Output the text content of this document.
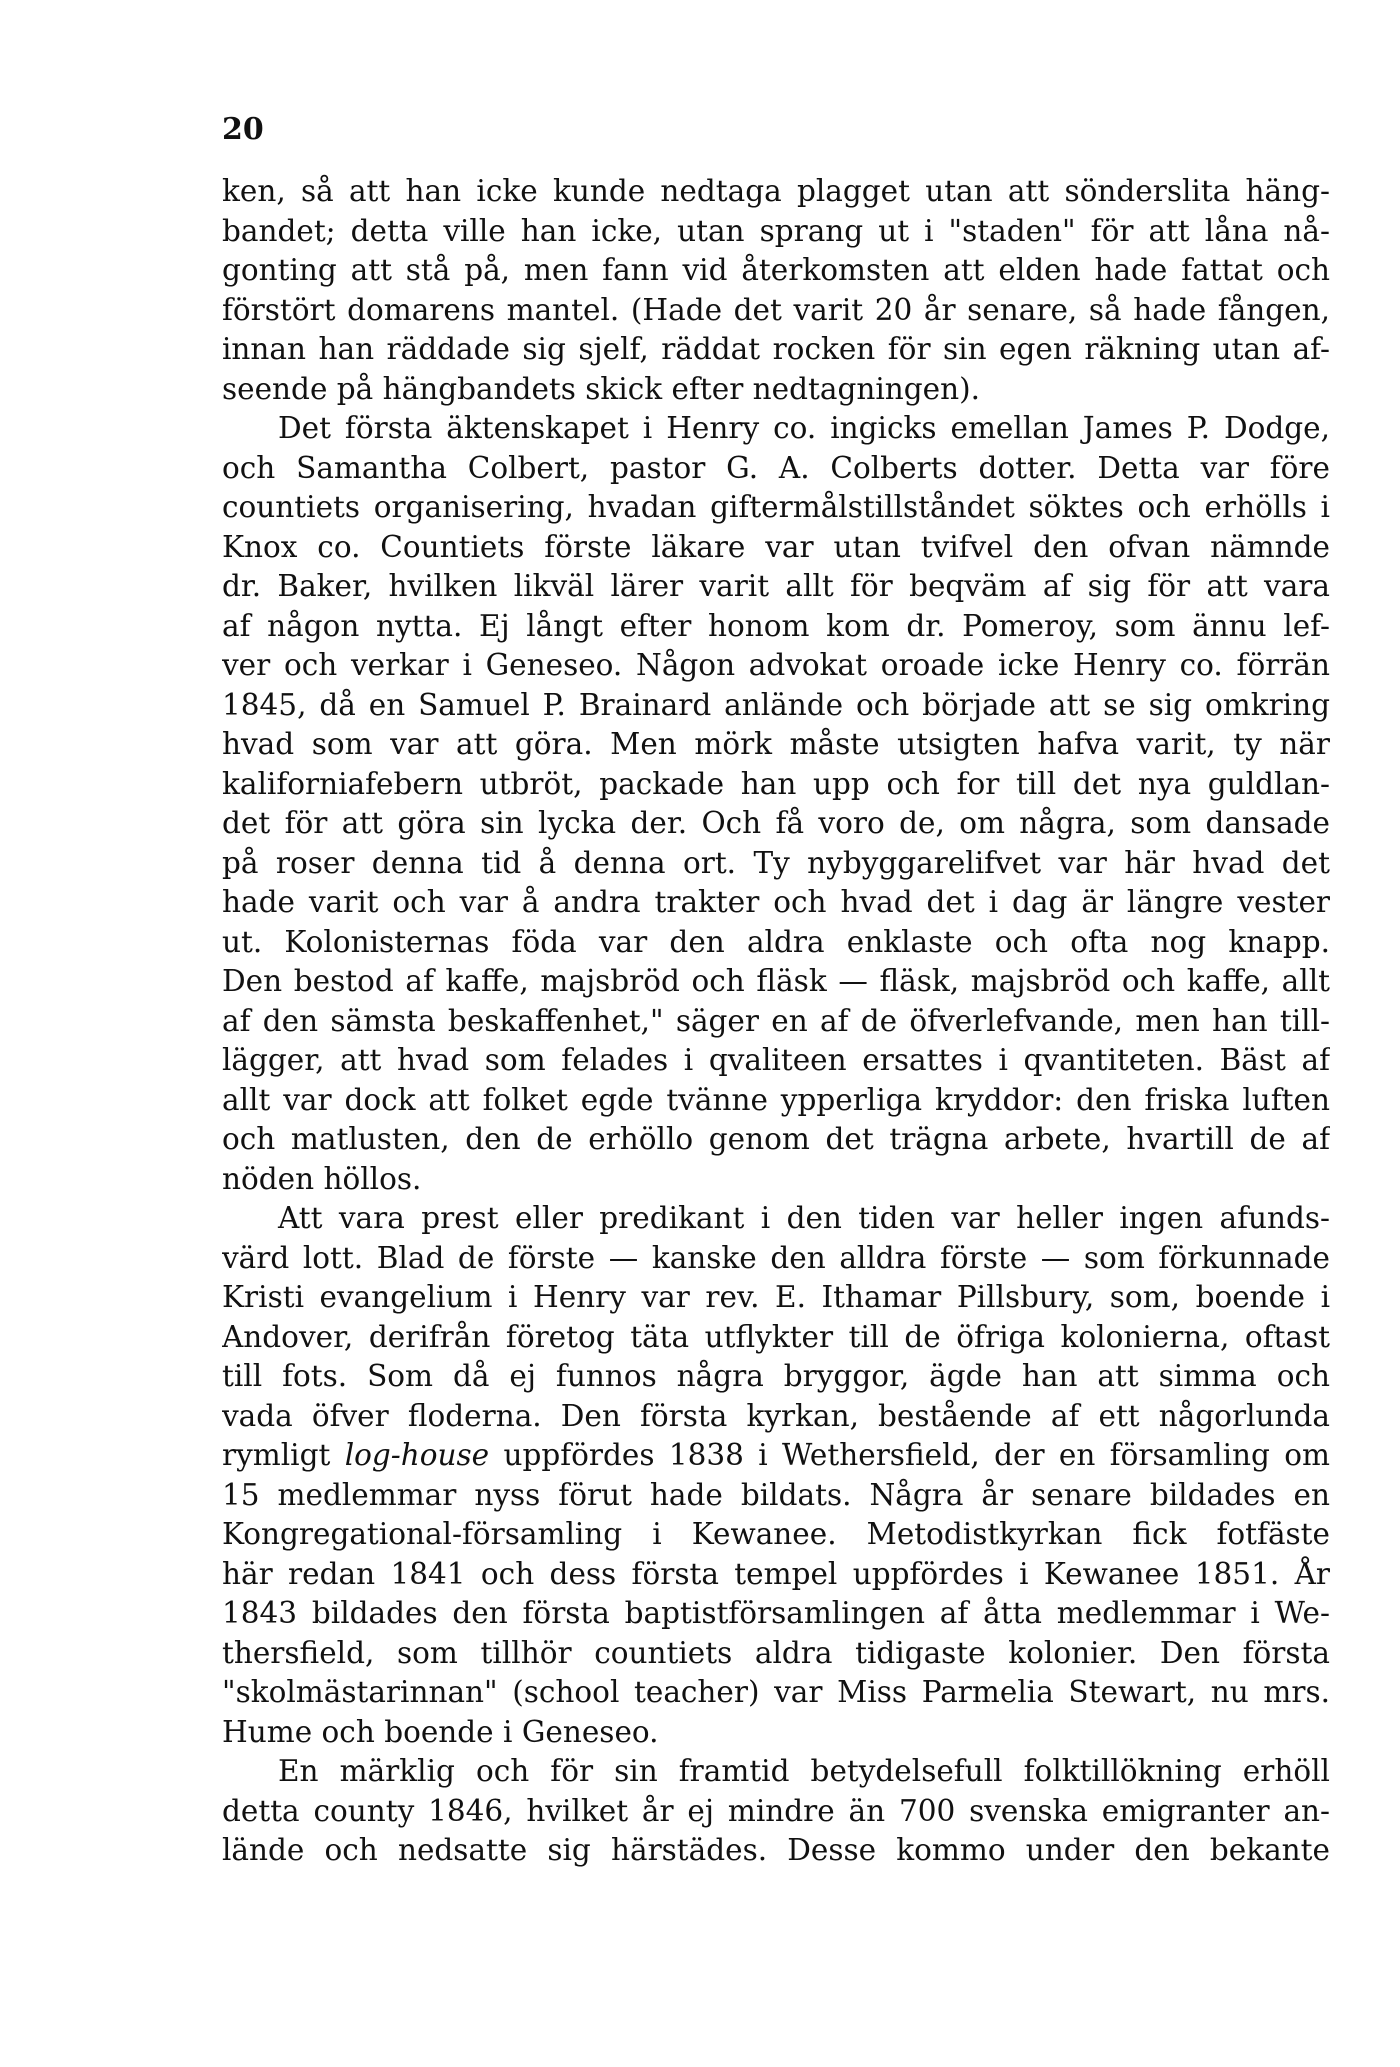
20

ken, så att han icke kunde nedtaga plagget utan att sönderslita häng-
bandet; detta ville han icke, utan sprang ut i "staden" för att låna nå-
gonting att stå på, men fann vid återkomsten att elden hade fattat och
förstört domarens mantel. (Hade det varit 20 år senare, så hade fången,
innan han räddade sig sjelf, räddat rocken för sin egen räkning utan af-
seende på hängbandets skick efter nedtagningen).
Det första äktenskapet i Henry co. ingicks emellan James P. Dodge,
och Samantha Colbert, pastor G. A. Colberts dotter. Detta var före
countiets organisering, hvadan giftermålstillståndet söktes och erhölls i
Knox co. Countiets förste läkare var utan tvifvel den ofvan nämnde
dr. Baker, hvilken likväl lärer varit allt för beqväm af sig för att vara
af någon nytta. Ej långt efter honom kom dr. Pomeroy, som ännu lef-
ver och verkar i Geneseo. Någon advokat oroade icke Henry co. förrän
1845, då en Samuel P. Brainard anlände och började att se sig omkring
hvad som var att göra. Men mörk måste utsigten hafva varit, ty när
kaliforniafebern utbröt, packade han upp och for till det nya guldlan-
det för att göra sin lycka der. Och få voro de, om några, som dansade
på roser denna tid å denna ort. Ty nybyggarelifvet var här hvad det
hade varit och var å andra trakter och hvad det i dag är längre vester
ut. Kolonisternas föda var den aldra enklaste och ofta nog knapp.
Den bestod af kaffe, majsbröd och fläsk — fläsk, majsbröd och kaffe, allt
af den sämsta beskaffenhet," säger en af de öfverlefvande, men han till-
lägger, att hvad som felades i qvaliteen ersattes i qvantiteten. Bäst af
allt var dock att folket egde tvänne ypperliga kryddor: den friska luften
och matlusten, den de erhöllo genom det trägna arbete, hvartill de af
nöden höllos.
Att vara prest eller predikant i den tiden var heller ingen afunds-
värd lott. Blad de förste — kanske den alldra förste — som förkunnade
Kristi evangelium i Henry var rev. E. Ithamar Pillsbury, som, boende i
Andover, derifrån företog täta utflykter till de öfriga kolonierna, oftast
till fots. Som då ej funnos några bryggor, ägde han att simma och
vada öfver floderna. Den första kyrkan, bestående af ett någorlunda
rymligt log-house uppfördes 1838 i Wethersfield, der en församling om
15 medlemmar nyss förut hade bildats. Några år senare bildades en
Kongregational-församling i Kewanee. Metodistkyrkan fick fotfäste
här redan 1841 och dess första tempel uppfördes i Kewanee 1851. År
1843 bildades den första baptistförsamlingen af åtta medlemmar i We-
thersfield, som tillhör countiets aldra tidigaste kolonier. Den första
"skolmästarinnan" (school teacher) var Miss Parmelia Stewart, nu mrs.
Hume och boende i Geneseo.
En märklig och för sin framtid betydelsefull folktillökning erhöll
detta county 1846, hvilket år ej mindre än 700 svenska emigranter an-
lände och nedsatte sig härstädes. Desse kommo under den bekante
